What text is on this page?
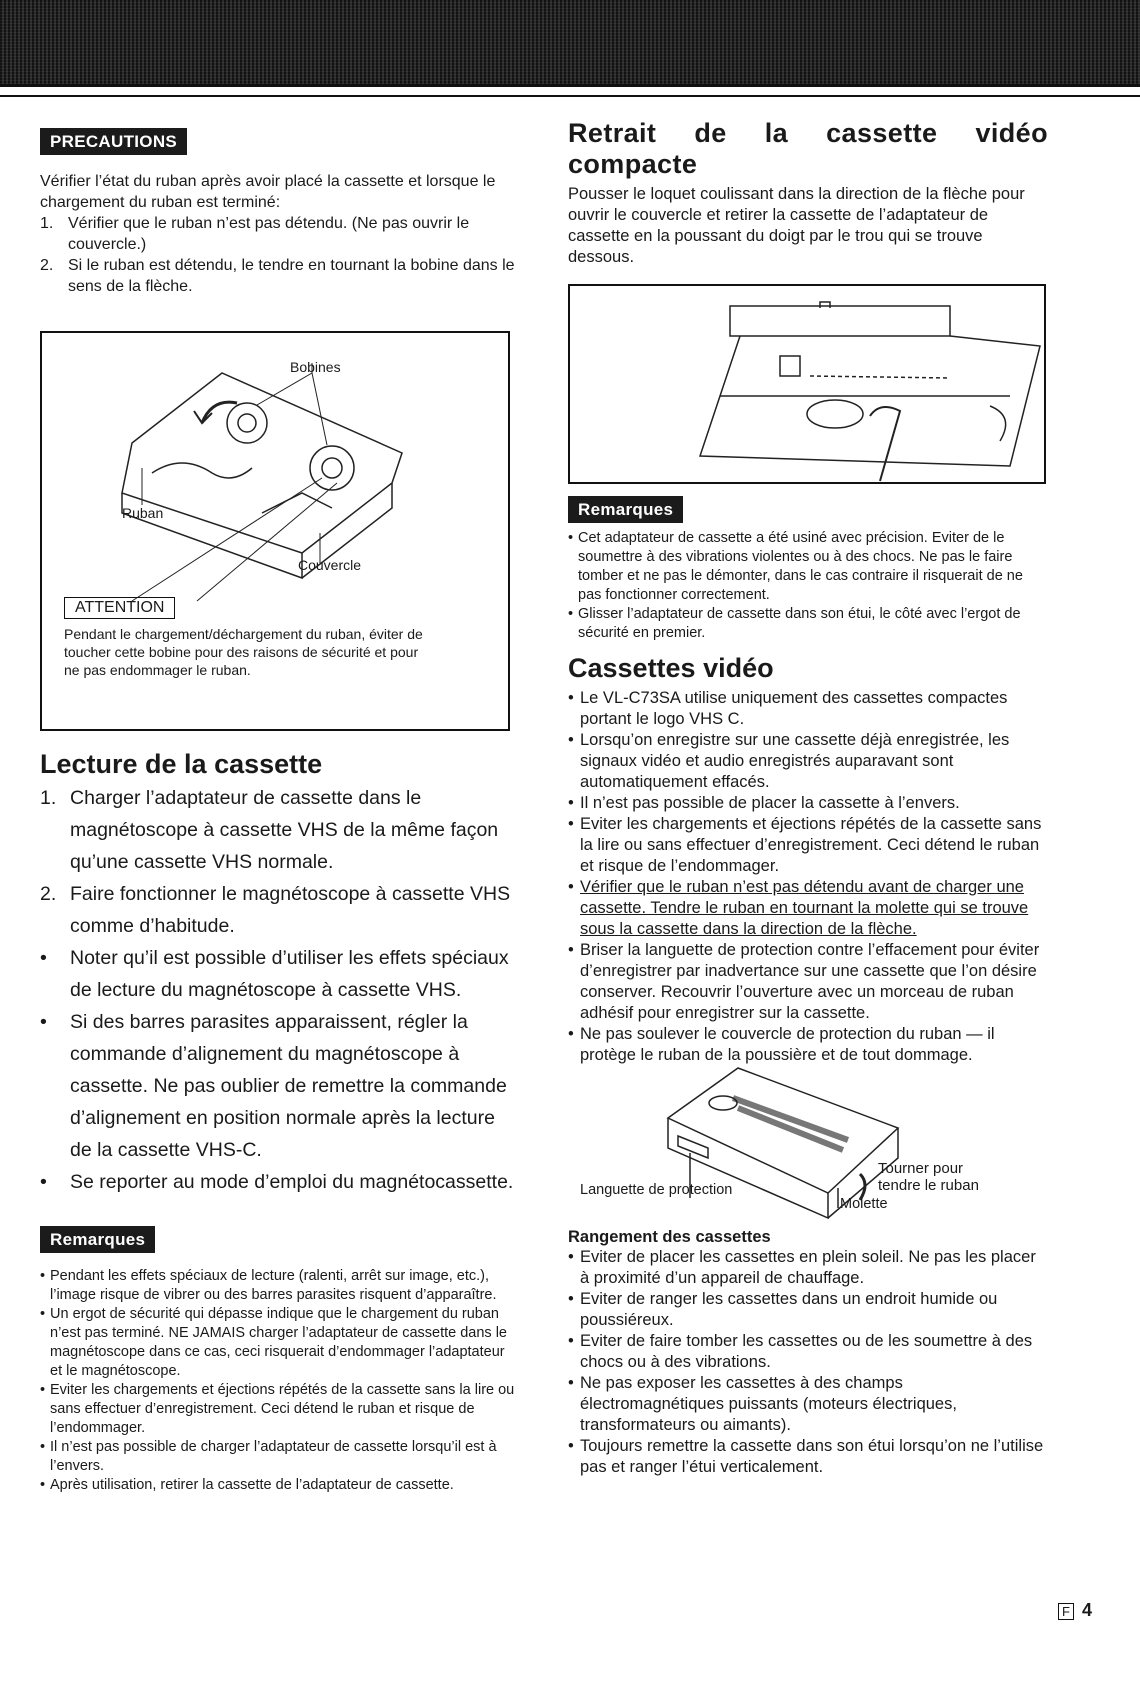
PRECAUTIONS

Vérifier l’état du ruban après avoir placé la cassette et lorsque le chargement du ruban est terminé:

1. Vérifier que le ruban n’est pas détendu. (Ne pas ouvrir le couvercle.)
2. Si le ruban est détendu, le tendre en tournant la bobine dans le sens de la flèche.
Bobines
Ruban
Couvercle
ATTENTION

Pendant le chargement/déchargement du ruban, éviter de toucher cette bobine pour des raisons de sécurité et pour ne pas endommager le ruban.

Lecture de la cassette
1. Charger l’adaptateur de cassette dans le magnétoscope à cassette VHS de la même façon qu’une cassette VHS normale.
2. Faire fonctionner le magnétoscope à cassette VHS comme d’habitude.
• Noter qu’il est possible d’utiliser les effets spéciaux de lecture du magnétoscope à cassette VHS.
• Si des barres parasites apparaissent, régler la commande d’alignement du magnétoscope à cassette. Ne pas oublier de remettre la commande d’alignement en position normale après la lecture de la cassette VHS-C.
• Se reporter au mode d’emploi du magnétocassette.
Remarques
• Pendant les effets spéciaux de lecture (ralenti, arrêt sur image, etc.), l’image risque de vibrer ou des barres parasites risquent d’apparaître.
• Un ergot de sécurité qui dépasse indique que le chargement du ruban n’est pas terminé. NE JAMAIS charger l’adaptateur de cassette dans le magnétoscope dans ce cas, ceci risquerait d’endommager l’adaptateur et le magnétoscope.
• Eviter les chargements et éjections répétés de la cassette sans la lire ou sans effectuer d’enregistrement. Ceci détend le ruban et risque de l’endommager.
• Il n’est pas possible de charger l’adaptateur de cassette lorsqu’il est à l’envers.
• Après utilisation, retirer la cassette de l’adaptateur de cassette.
Retrait de la cassette vidéo compacte

Pousser le loquet coulissant dans la direction de la flèche pour ouvrir le couvercle et retirer la cassette de l’adaptateur de cassette en la poussant du doigt par le trou qui se trouve dessous.

Remarques
• Cet adaptateur de cassette a été usiné avec précision. Eviter de le soumettre à des vibrations violentes ou à des chocs. Ne pas le faire tomber et ne pas le démonter, dans le cas contraire il risquerait de ne pas fonctionner correctement.
• Glisser l’adaptateur de cassette dans son étui, le côté avec l’ergot de sécurité en premier.
Cassettes vidéo
• Le VL-C73SA utilise uniquement des cassettes compactes portant le logo VHS C.
• Lorsqu’on enregistre sur une cassette déjà enregistrée, les signaux vidéo et audio enregistrés auparavant sont automatiquement effacés.
• Il n’est pas possible de placer la cassette à l’envers.
• Eviter les chargements et éjections répétés de la cassette sans la lire ou sans effectuer d’enregistrement. Ceci détend le ruban et risque de l’endommager.
• Vérifier que le ruban n’est pas détendu avant de charger une cassette. Tendre le ruban en tournant la molette qui se trouve sous la cassette dans la direction de la flèche.
• Briser la languette de protection contre l’effacement pour éviter d’enregistrer par inadvertance sur une cassette que l’on désire conserver. Recouvrir l’ouverture avec un morceau de ruban adhésif pour enregistrer sur la cassette.
• Ne pas soulever le couvercle de protection du ruban — il protège le ruban de la poussière et de tout dommage.
Tourner pour tendre le ruban
Languette de protection
Molette
Rangement des cassettes
• Eviter de placer les cassettes en plein soleil. Ne pas les placer à proximité d’un appareil de chauffage.
• Eviter de ranger les cassettes dans un endroit humide ou poussiéreux.
• Eviter de faire tomber les cassettes ou de les soumettre à des chocs ou à des vibrations.
• Ne pas exposer les cassettes à des champs électromagnétiques puissants (moteurs électriques, transformateurs ou aimants).
• Toujours remettre la cassette dans son étui lorsqu’on ne l’utilise pas et ranger l’étui verticalement.
F 4
